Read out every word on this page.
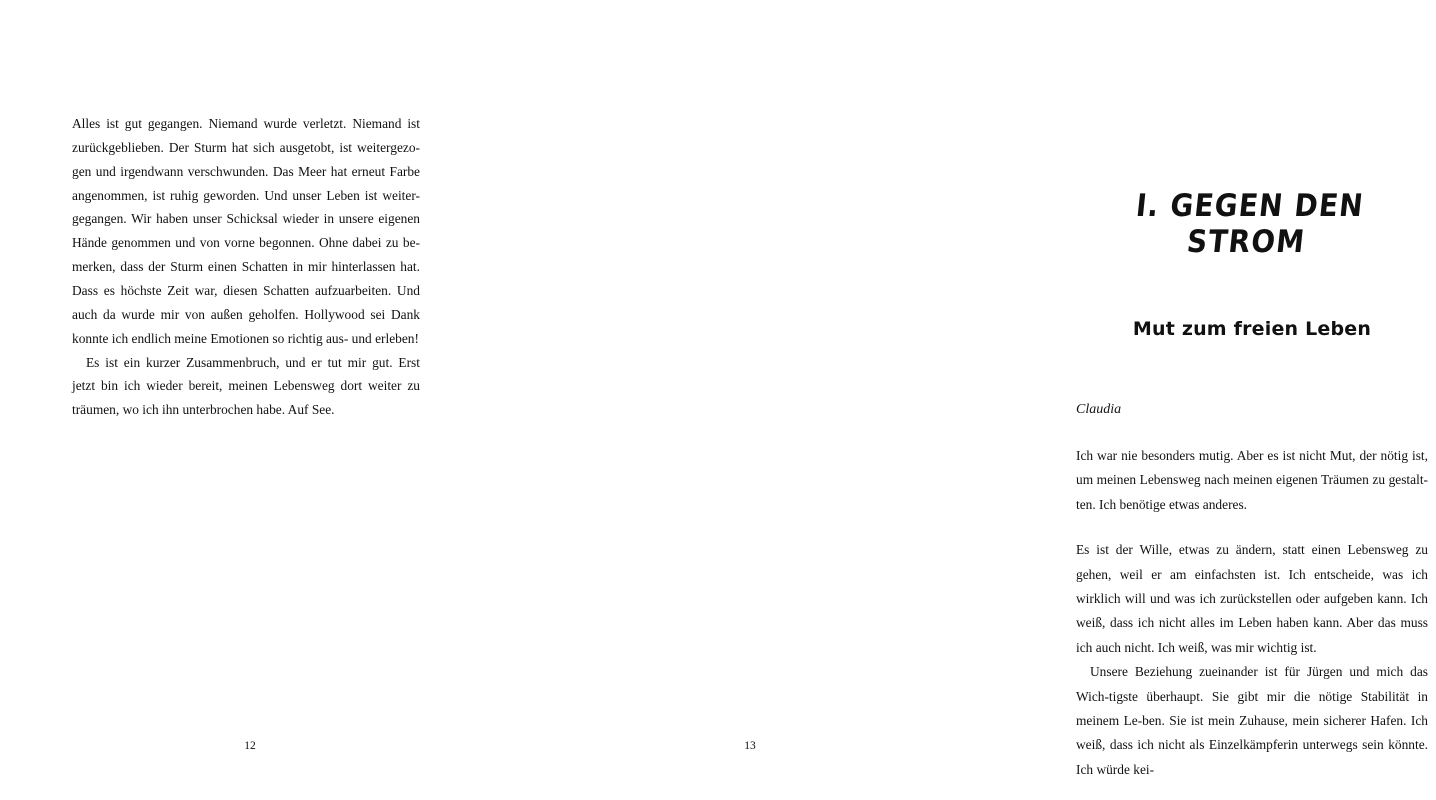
Alles ist gut gegangen. Niemand wurde verletzt. Niemand ist zurückgeblieben. Der Sturm hat sich ausgetobt, ist weitergezo-gen und irgendwann verschwunden. Das Meer hat erneut Farbe angenommen, ist ruhig geworden. Und unser Leben ist weiter-gegangen. Wir haben unser Schicksal wieder in unsere eigenen Hände genommen und von vorne begonnen. Ohne dabei zu be-merken, dass der Sturm einen Schatten in mir hinterlassen hat. Dass es höchste Zeit war, diesen Schatten aufzuarbeiten. Und auch da wurde mir von außen geholfen. Hollywood sei Dank konnte ich endlich meine Emotionen so richtig aus- und erleben!

Es ist ein kurzer Zusammenbruch, und er tut mir gut. Erst jetzt bin ich wieder bereit, meinen Lebensweg dort weiter zu träumen, wo ich ihn unterbrochen habe. Auf See.

12
I. GEGEN DEN STROM
Mut zum freien Leben

Claudia

Ich war nie besonders mutig. Aber es ist nicht Mut, der nötig ist, um meinen Lebensweg nach meinen eigenen Träumen zu gestalt-ten. Ich benötige etwas anderes.

Es ist der Wille, etwas zu ändern, statt einen Lebensweg zu gehen, weil er am einfachsten ist. Ich entscheide, was ich wirklich will und was ich zurückstellen oder aufgeben kann. Ich weiß, dass ich nicht alles im Leben haben kann. Aber das muss ich auch nicht. Ich weiß, was mir wichtig ist.

Unsere Beziehung zueinander ist für Jürgen und mich das Wich-tigste überhaupt. Sie gibt mir die nötige Stabilität in meinem Le-ben. Sie ist mein Zuhause, mein sicherer Hafen. Ich weiß, dass ich nicht als Einzelkämpferin unterwegs sein könnte. Ich würde kei-

13
